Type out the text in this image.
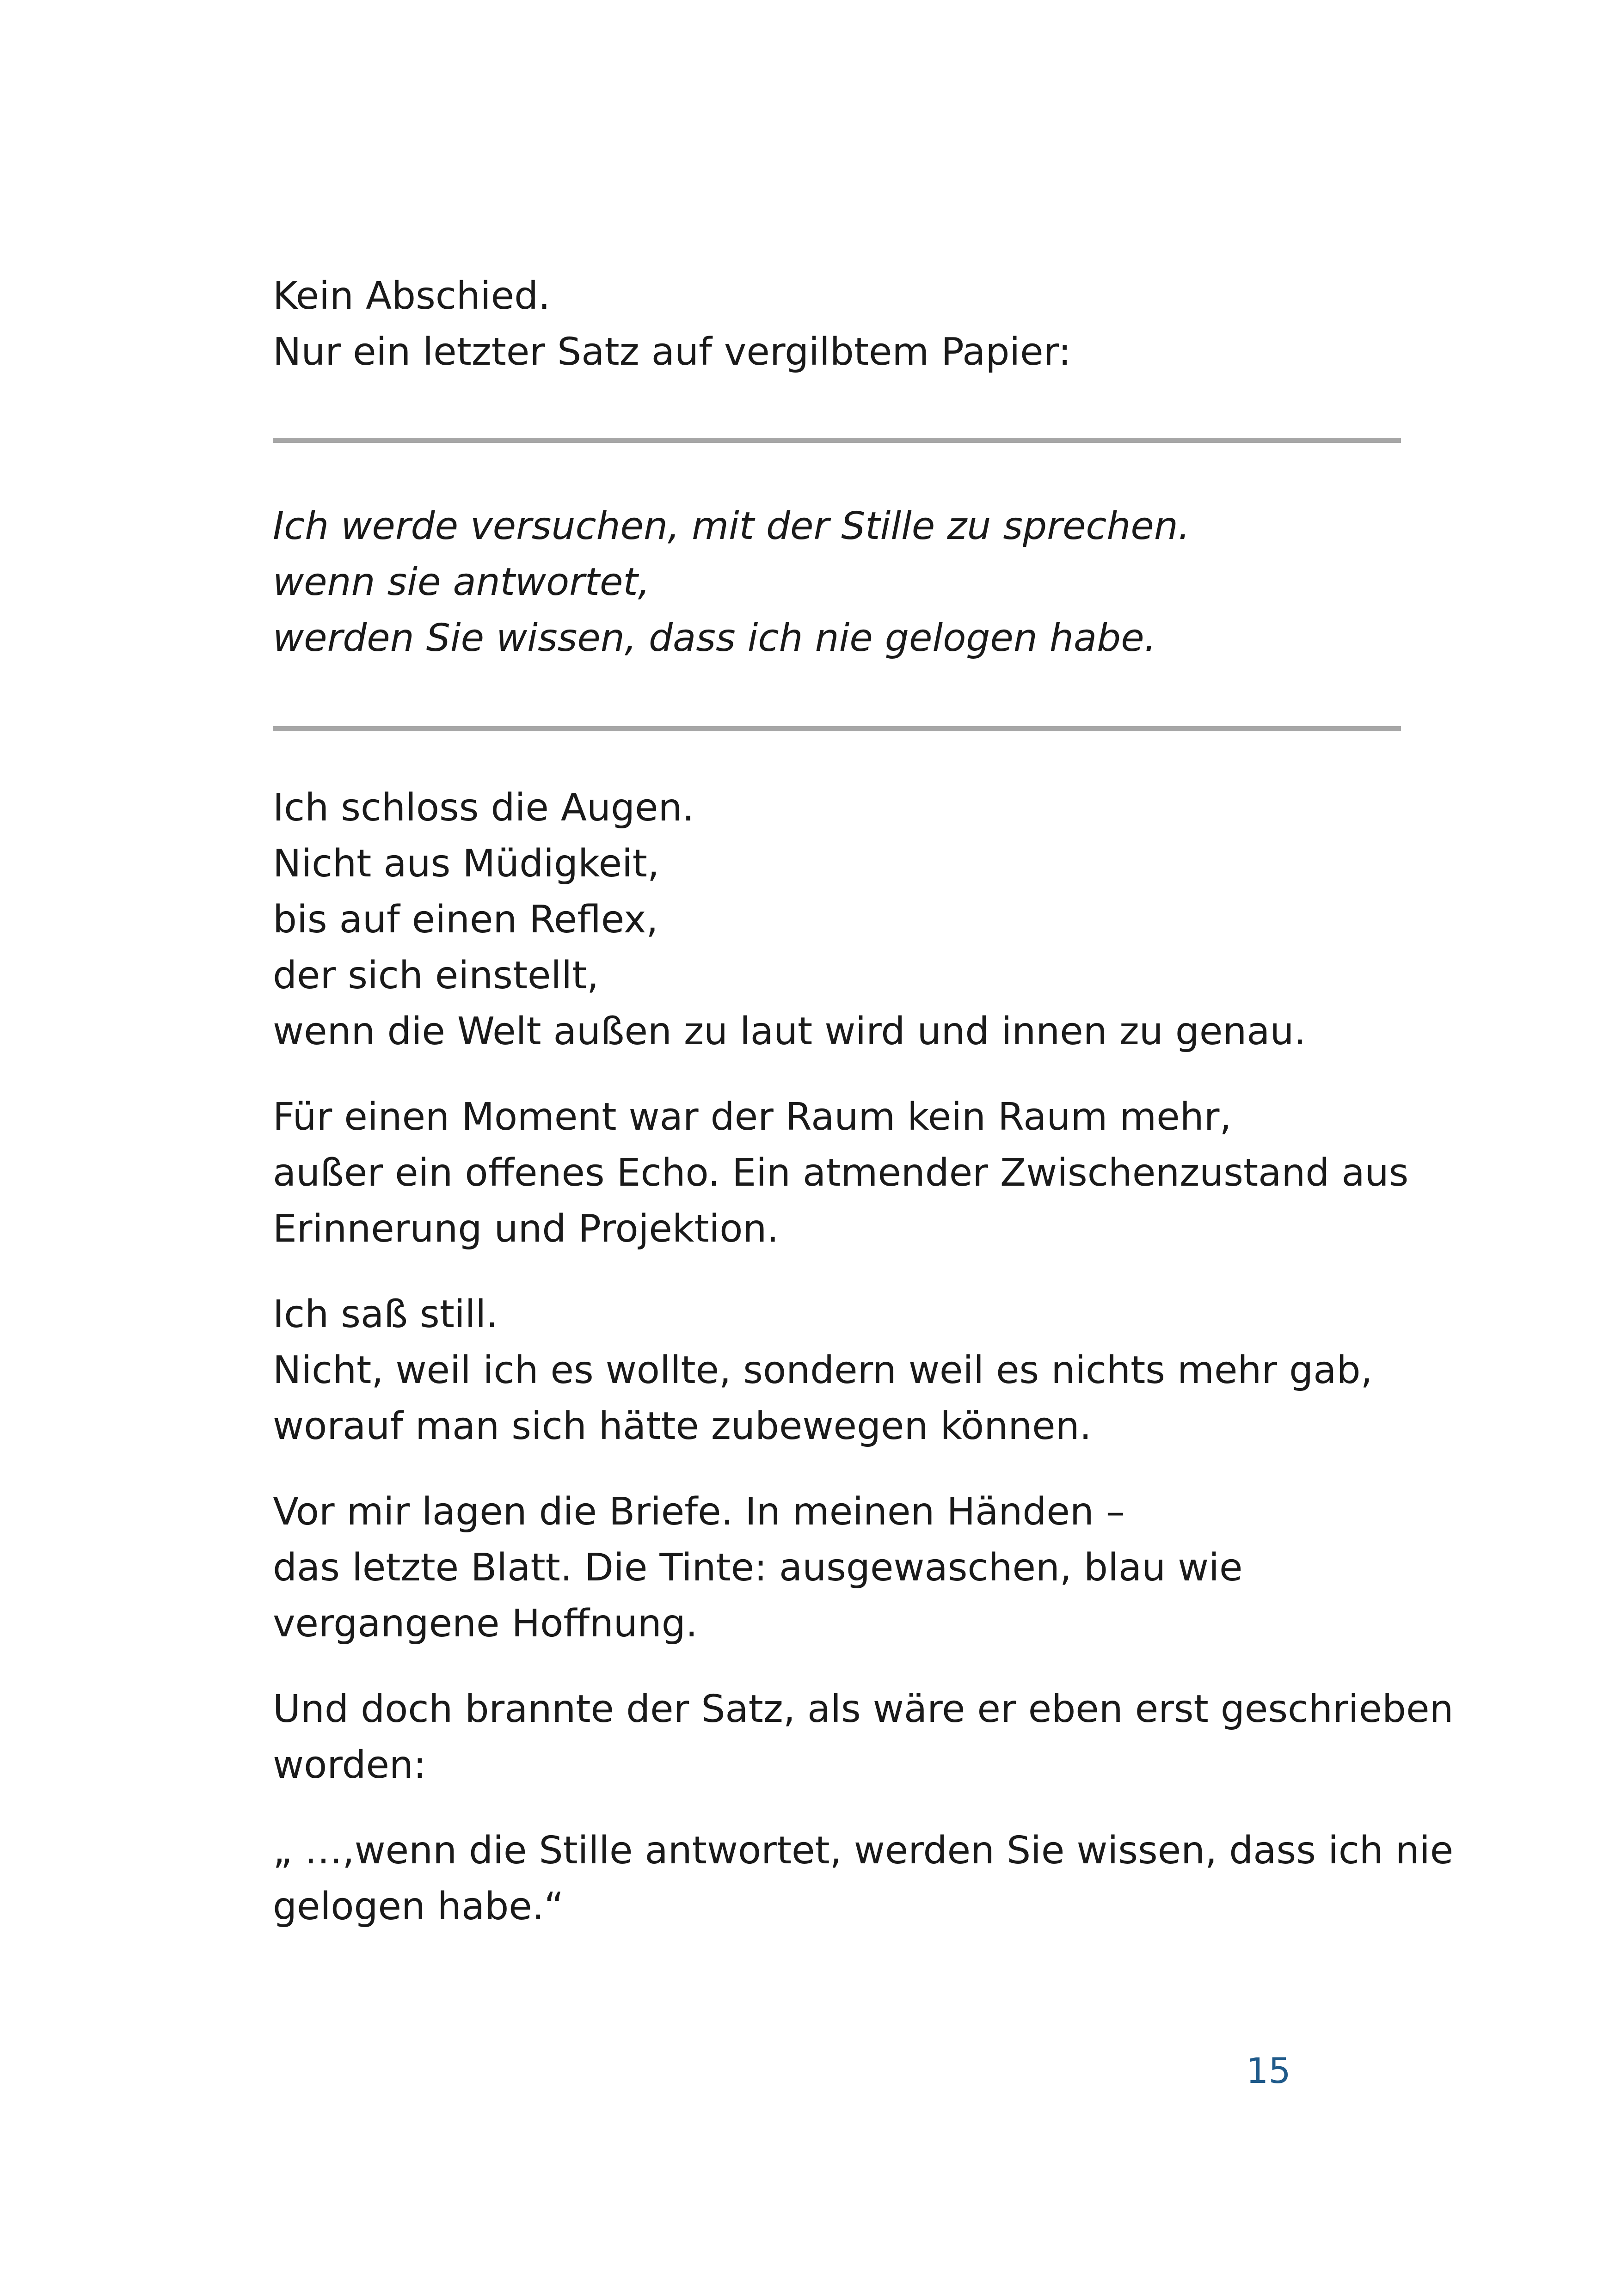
Kein Abschied.
Nur ein letzter Satz auf vergilbtem Papier:
Ich werde versuchen, mit der Stille zu sprechen.
wenn sie antwortet,
werden Sie wissen, dass ich nie gelogen habe.
Ich schloss die Augen.
Nicht aus Müdigkeit,
bis auf einen Reflex,
der sich einstellt,
wenn die Welt außen zu laut wird und innen zu genau.
Für einen Moment war der Raum kein Raum mehr,
außer ein offenes Echo. Ein atmender Zwischenzustand aus
Erinnerung und Projektion.
Ich saß still.
Nicht, weil ich es wollte, sondern weil es nichts mehr gab,
worauf man sich hätte zubewegen können.
Vor mir lagen die Briefe. In meinen Händen –
das letzte Blatt. Die Tinte: ausgewaschen, blau wie
vergangene Hoffnung.
Und doch brannte der Satz, als wäre er eben erst geschrieben
worden:
„ …,wenn die Stille antwortet, werden Sie wissen, dass ich nie
gelogen habe.“
15
